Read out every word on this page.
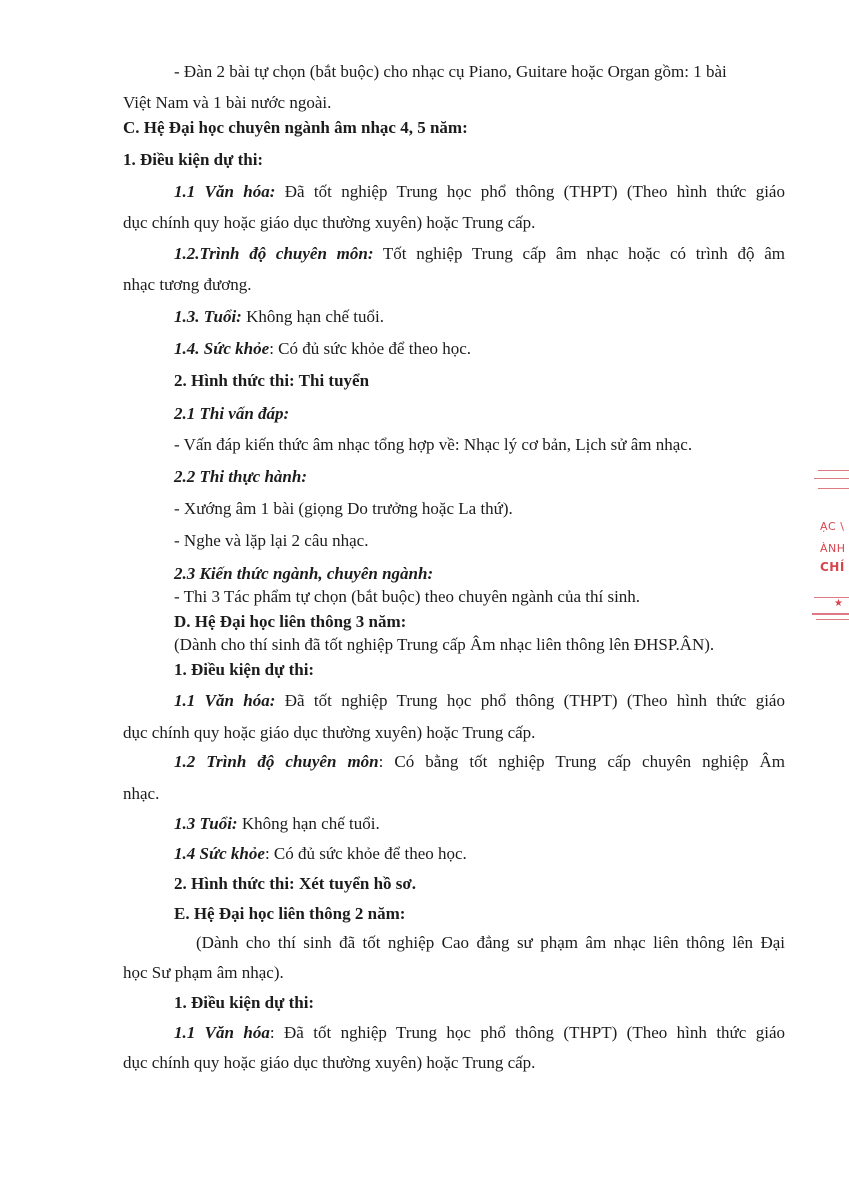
- Đàn 2 bài tự chọn (bắt buộc) cho nhạc cụ Piano, Guitare hoặc Organ gồm: 1 bài
Việt Nam và 1 bài nước ngoài.
C. Hệ Đại học chuyên ngành âm nhạc 4, 5 năm:
1. Điều kiện dự thi:
1.1 Văn hóa: Đã tốt nghiệp Trung học phổ thông (THPT) (Theo hình thức giáo
dục chính quy hoặc giáo dục thường xuyên) hoặc Trung cấp.
1.2.Trình độ chuyên môn: Tốt nghiệp Trung cấp âm nhạc hoặc có trình độ âm
nhạc tương đương.
1.3. Tuổi: Không hạn chế tuổi.
1.4. Sức khỏe: Có đủ sức khỏe để theo học.
2. Hình thức thi: Thi tuyển
2.1 Thi vấn đáp:
- Vấn đáp kiến thức âm nhạc tổng hợp về: Nhạc lý cơ bản, Lịch sử âm nhạc.
2.2 Thi thực hành:
- Xướng âm 1 bài (giọng Do trưởng hoặc La thứ).
- Nghe và lặp lại 2 câu nhạc.
2.3 Kiến thức ngành, chuyên ngành:
- Thi 3 Tác phẩm tự chọn (bắt buộc) theo chuyên ngành của thí sinh.
D. Hệ Đại học liên thông 3 năm:
(Dành cho thí sinh đã tốt nghiệp Trung cấp Âm nhạc liên thông lên ĐHSP.ÂN).
1. Điều kiện dự thi:
1.1 Văn hóa: Đã tốt nghiệp Trung học phổ thông (THPT) (Theo hình thức giáo
dục chính quy hoặc giáo dục thường xuyên) hoặc Trung cấp.
1.2 Trình độ chuyên môn: Có bằng tốt nghiệp Trung cấp chuyên nghiệp Âm
nhạc.
1.3 Tuổi: Không hạn chế tuổi.
1.4 Sức khỏe: Có đủ sức khỏe để theo học.
2. Hình thức thi: Xét tuyển hồ sơ.
E. Hệ Đại học liên thông 2 năm:
(Dành cho thí sinh đã tốt nghiệp Cao đẳng sư phạm âm nhạc liên thông lên Đại
học Sư phạm âm nhạc).
1. Điều kiện dự thi:
1.1 Văn hóa: Đã tốt nghiệp Trung học phổ thông (THPT) (Theo hình thức giáo
dục chính quy hoặc giáo dục thường xuyên) hoặc Trung cấp.
ẠC \
ÀNH
CHÍ
★
